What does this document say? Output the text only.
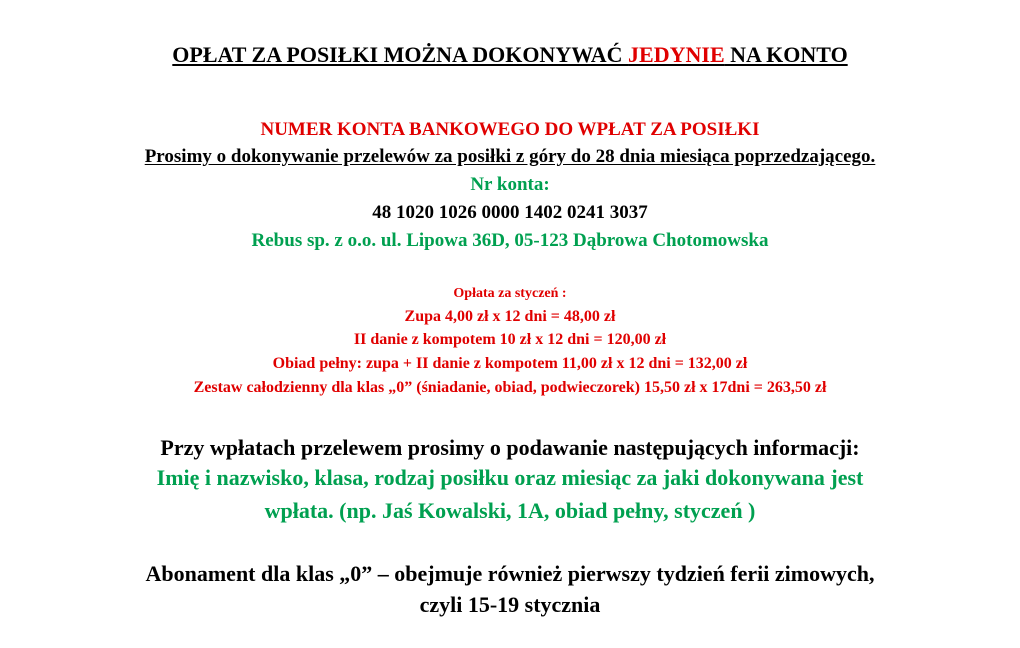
OPŁAT ZA POSIŁKI MOŻNA DOKONYWAĆ JEDYNIE NA KONTO
NUMER KONTA BANKOWEGO DO WPŁAT ZA POSIŁKI
Prosimy o dokonywanie przelewów za posiłki z góry do 28 dnia miesiąca poprzedzającego.
Nr konta:
48 1020 1026 0000 1402 0241 3037
Rebus sp. z o.o. ul. Lipowa 36D, 05-123 Dąbrowa Chotomowska
Opłata za styczeń :
Zupa 4,00 zł x 12 dni = 48,00 zł
II danie z kompotem 10 zł x 12 dni = 120,00 zł
Obiad pełny: zupa + II danie z kompotem 11,00 zł x 12 dni = 132,00 zł
Zestaw całodzienny dla klas „0” (śniadanie, obiad, podwieczorek) 15,50 zł x 17dni = 263,50 zł
Przy wpłatach przelewem prosimy o podawanie następujących informacji:
Imię i nazwisko, klasa, rodzaj posiłku oraz miesiąc za jaki dokonywana jest
wpłata. (np. Jaś Kowalski, 1A, obiad pełny, styczeń )
Abonament dla klas „0” – obejmuje również pierwszy tydzień ferii zimowych,
czyli 15-19 stycznia
